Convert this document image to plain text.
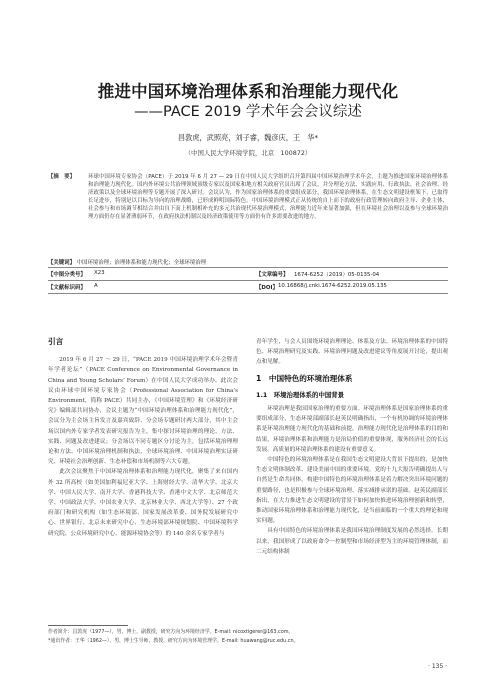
推进中国环境治理体系和治理能力现代化
——PACE 2019 学术年会会议综述
昌敦虎，武照亮，刘子睿，魏彦庆，王　华*
（中国人民大学环境学院，北京　100872）
【摘　要】	环球中国环境专家协会（PACE）于 2019 年 6 月 27 — 29 日在中国人民大学组织召开第四届中国环境治理学术年会，主题为推进国家环境治理体系和治理能力现代化。国内外环境公共治理领域顶级专家以及国家和地方相关政府官员出席了会议，并分理论方法、实践应用、行政执法、社会治理、经济政策以及全球环境治理等专题开展了深入研讨。会议认为，作为国家治理体系的重要组成部分，我国环境治理体系，在生态文明建设框架下，已取得长足进步，特别是以目标为导向的治理战略，已形成鲜明国际特色。中国环境治理模式正从传统的自上而下的政府行政管理转向政府主导、企业主体、社会参与和市场调节相结合并由自下而上机制相补充的多元共治现代环境治理模式，治理能力近年来显著加强，但在环境社会治理以及参与全球环境治理方面仍存在显著薄弱环节，在政府执法机制以及经济政策使用等方面仍有许多需要改进的地方。
【关键词】 中国环境治理；治理体系和能力现代化；全球环境治理
【中图分类号】 X23	【文章编号】 1674-6252（2019）05-0135-04
【文献标识码】 A	【DOI】 10.16868/j.cnki.1674-6252.2019.05.135
引言

2019 年 6 月 27 ～ 29 日，“PACE 2019 中国环境治理学术年会暨青年学者论坛”（PACE Conference on Environmental Governance in China and Young Scholars’ Forum）在中国人民大学成功举办。此次会议由环球中国环境专家协会（Professional Association for China’s Environment，简称 PACE）共同主办，《中国环境管理》和《环境经济研究》编辑部共同协办，会议主题为“中国环境治理体系和治理能力现代化”，会议分为主会场主旨发言及嘉宾致辞、分会场专题研讨两大部分，其中主会场以国内外专家学者发表研究报告为主，集中探讨环境治理的理论、方法、实践、问题及改进建议；分会场以不同专题区分讨论为主，包括环境治理理论和方法、中国环境治理机制和执法、全球环境治理、中国环境治理实证研究、环境社会治理创新、生态补偿和市场机制等六大专题。

此次会议聚焦于中国环境治理体系和治理能力现代化，聚集了来自国内外 32 所高校（如美国加利福尼亚大学、上海财经大学、清华大学、北京大学、中国人民大学、南开大学、香港科技大学、香港中文大学、北京师范大学、中国政法大学、中国农业大学、北京林业大学、西北大学等）、27 个政府部门和研究机构（如生态环境部、国家发展改革委、国务院发展研究中心、世界银行、北京未来研究中心、生态环境部环境规划院、中国环境科学研究院、公众环境研究中心、能源环境协会等）的 140 余名专家学者与

青年学生，与会人员围绕环境治理理论、体系及方法、环境治理体系的中国特色、环境治理研究及实践、环境治理问题及改进建议等角度展开讨论，提出观点和见解。

1　中国特色的环境治理体系
1.1　环境治理体系的中国背景

环境治理是我国国家治理的重要方面。环境治理体系是国家治理体系的重要组成部分，生态环境部副部长赵英民明确指出，一个有机协调的环境治理体系是环境治理能力现代化的基础和前提，治理能力现代化是治理体系的目的和结果，环境治理体系和治理能力是治局价值的重要体现，服务经济社会的长远发展。高质量的环境治理体系的建设有重要意义。

中国特色的环境治理体系是在我国生态文明建设大背景下提出的，是加快生态文明体制改革、建设美丽中国的重要环境。党的十九大报告明确提出人与自然是生命共同体，构建中国特色的环境治理体系是着力解决突出环境问题的重要路径，也是积极参与全球环境治理、落实减排承诺的基础。赵英民副部长指出，在大力推进生态文明建设的背景下如何加快推进环境治理创新和转型，推动国家环境治理体系和治理能力现代化，是当前面临的一个重大的理论和现实问题。

具有中国特色的环境治理体系是我国环境治理制度发展的必然选择。长期以来，我国形成了以政府命令一控制型和市场经济型为主的环境管理体制，而二元结构体制

作者简介：昌敦虎（1977—），男，博士，副教授，研究方向为环境经济学。E-mail: nicoxtigerer@163.com。
*通讯作者：王华（1962—），男，博士生导师，教授，研究方向为环境管理学。E-mail: huawang@ruc.edu.cn。
· 135 ·
